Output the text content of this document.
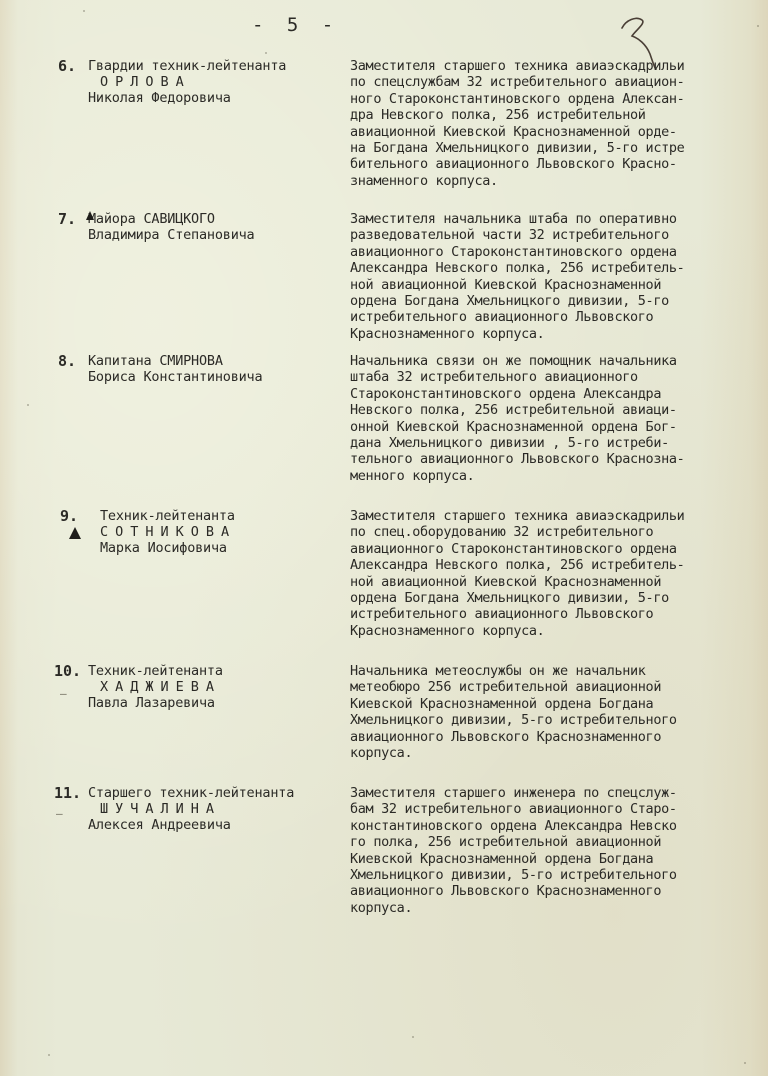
- 5 -
6. Гвардии техник-лейтенанта
ОРЛОВА
Николая Федоровича
Заместителя старшего техника авиаэскадрильи
по спецслужбам 32 истребительного авиацион-
ного Староконстантиновского ордена Алексан-
дра Невского полка, 256 истребительной
авиационной Киевской Краснознаменной орде-
на Богдана Хмельницкого дивизии, 5-го истре
бительного авиационного Львовского Красно-
знаменного корпуса.
7. Майора САВИЦКОГО
Владимира Степановича
Заместителя начальника штаба по оперативно
разведовательной части 32 истребительного
авиационного Староконстантиновского ордена
Александра Невского полка, 256 истребитель-
ной авиационной Киевской Краснознаменной
ордена Богдана Хмельницкого дивизии, 5-го
истребительного авиационного Львовского
Краснознаменного корпуса.
8. Капитана СМИРНОВА
Бориса Константиновича
Начальника связи он же помощник начальника
штаба 32 истребительного авиационного
Староконстантиновского ордена Александра
Невского полка, 256 истребительной авиаци-
онной Киевской Краснознаменной ордена Бог-
дана Хмельницкого дивизии , 5-го истреби-
тельного авиационного Львовского Краснозна-
менного корпуса.
9. Техник-лейтенанта
СОТНИКОВА
Марка Иосифовича
Заместителя старшего техника авиаэскадрильи
по спец.оборудованию 32 истребительного
авиационного Староконстантиновского ордена
Александра Невского полка, 256 истребитель-
ной авиационной Киевской Краснознаменной
ордена Богдана Хмельницкого дивизии, 5-го
истребительного авиационного Львовского
Краснознаменного корпуса.
10. Техник-лейтенанта
ХАДЖИЕВА
Павла Лазаревича
Начальника метеослужбы он же начальник
метеобюро 256 истребительной авиационной
Киевской Краснознаменной ордена Богдана
Хмельницкого дивизии, 5-го истребительного
авиационного Львовского Краснознаменного
корпуса.
11. Старшего техник-лейтенанта
ШУЧАЛИНА
Алексея Андреевича
Заместителя старшего инженера по спецслуж-
бам 32 истребительного авиационного Старо-
константиновского ордена Александра Невско
го полка, 256 истребительной авиационной
Киевской Краснознаменной ордена Богдана
Хмельницкого дивизии, 5-го истребительного
авиационного Львовского Краснознаменного
корпуса.
–
—
